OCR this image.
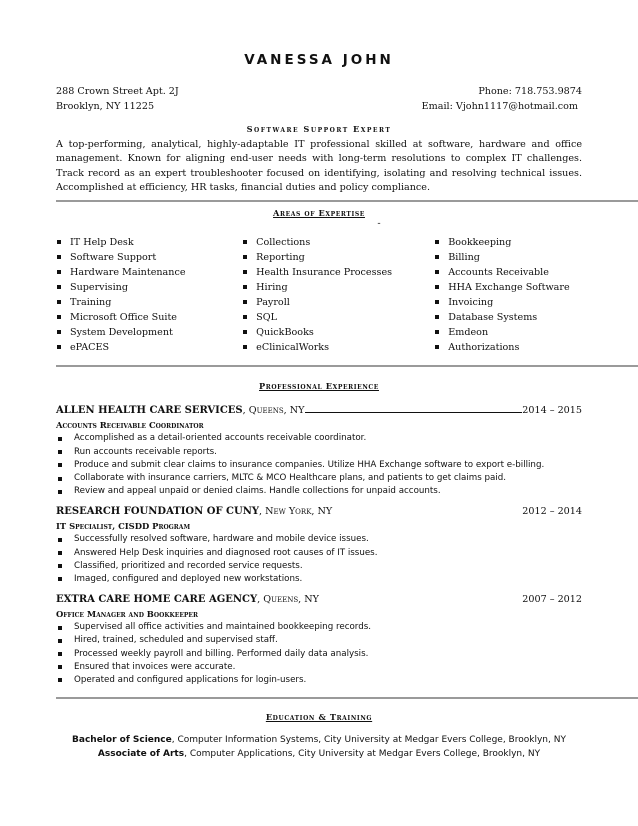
VANESSA JOHN
288 Crown Street Apt. 2J	Phone: 718.753.9874
Brooklyn, NY 11225	Email: Vjohn1117@hotmail.com
Software Support Expert

A top-performing, analytical, highly-adaptable IT professional skilled at software, hardware and office management. Known for aligning end-user needs with long-term resolutions to complex IT challenges. Track record as an expert troubleshooter focused on identifying, isolating and resolving technical issues. Accomplished at efficiency, HR tasks, financial duties and policy compliance.

Areas of Expertise
-
IT Help Desk
Software Support
Hardware Maintenance
Supervising
Training
Microsoft Office Suite
System Development
ePACES
Collections
Reporting
Health Insurance Processes
Hiring
Payroll
SQL
QuickBooks
eClinicalWorks
Bookkeeping
Billing
Accounts Receivable
HHA Exchange Software
Invoicing
Database Systems
Emdeon
Authorizations
Professional Experience
ALLEN HEALTH CARE SERVICES, Queens, NY	2014 – 2015
Accounts Receivable Coordinator
Accomplished as a detail-oriented accounts receivable coordinator.
Run accounts receivable reports.
Produce and submit clear claims to insurance companies. Utilize HHA Exchange software to export e-billing.
Collaborate with insurance carriers, MLTC & MCO Healthcare plans, and patients to get claims paid.
Review and appeal unpaid or denied claims. Handle collections for unpaid accounts.
RESEARCH FOUNDATION OF CUNY, New York, NY	2012 – 2014
IT Specialist, CISDD Program
Successfully resolved software, hardware and mobile device issues.
Answered Help Desk inquiries and diagnosed root causes of IT issues.
Classified, prioritized and recorded service requests.
Imaged, configured and deployed new workstations.
EXTRA CARE HOME CARE AGENCY, Queens, NY	2007 – 2012
Office Manager and Bookkeeper
Supervised all office activities and maintained bookkeeping records.
Hired, trained, scheduled and supervised staff.
Processed weekly payroll and billing. Performed daily data analysis.
Ensured that invoices were accurate.
Operated and configured applications for login-users.
Education & Training
Bachelor of Science, Computer Information Systems, City University at Medgar Evers College, Brooklyn, NY
Associate of Arts, Computer Applications, City University at Medgar Evers College, Brooklyn, NY
